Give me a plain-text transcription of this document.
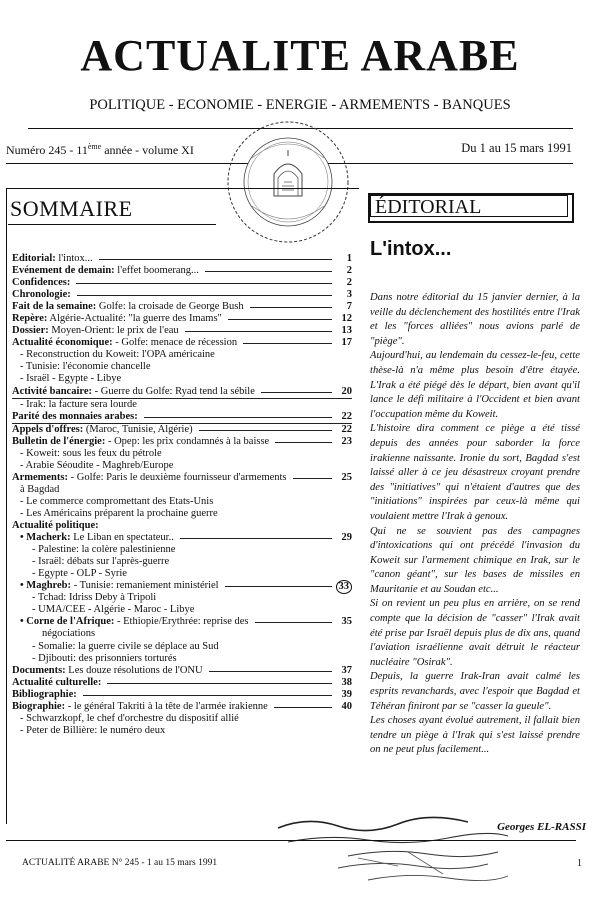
ACTUALITE ARABE
POLITIQUE - ECONOMIE - ENERGIE - ARMEMENTS - BANQUES
Numéro 245 - 11ème année - volume XI	Du 1 au 15 mars 1991
SOMMAIRE
Editorial: l'intox...	1
Evénement de demain: l'effet boomerang...	2
Confidences:	2
Chronologie:	3
Fait de la semaine: Golfe: la croisade de George Bush	7
Repère: Algérie-Actualité: "la guerre des Imams"	12
Dossier: Moyen-Orient: le prix de l'eau	13
Actualité économique: - Golfe: menace de récession	17
- Reconstruction du Koweit: l'OPA américaine
- Tunisie: l'économie chancelle
- Israël - Egypte - Libye
Activité bancaire: - Guerre du Golfe: Ryad tend la sébile	20
- Irak: la facture sera lourde
Parité des monnaies arabes:	22
Appels d'offres: (Maroc, Tunisie, Algérie)	22
Bulletin de l'énergie: - Opep: les prix condamnés à la baisse	23
- Koweit: sous les feux du pétrole
- Arabie Séoudite - Maghreb/Europe
Armements: - Golfe: Paris le deuxième fournisseur d'armements	25
à Bagdad
- Le commerce compromettant des Etats-Unis
- Les Américains préparent la prochaine guerre
Actualité politique:
• Macherk: Le Liban en spectateur..	29
- Palestine: la colère palestinienne
- Israël: débats sur l'après-guerre
- Egypte - OLP - Syrie
• Maghreb: - Tunisie: remaniement ministériel	33
- Tchad: Idriss Deby à Tripoli
- UMA/CEE - Algérie - Maroc - Libye
• Corne de l'Afrique: - Ethiopie/Erythrée: reprise des	35
négociations
- Somalie: la guerre civile se déplace au Sud
- Djibouti: des prisonniers torturés
Documents: Les douze résolutions de l'ONU	37
Actualité culturelle:	38
Bibliographie:	39
Biographie: - le général Takriti à la tête de l'armée irakienne	40
- Schwarzkopf, le chef d'orchestre du dispositif allié
- Peter de Billière: le numéro deux
ÉDITORIAL
L'intox...

Dans notre éditorial du 15 janvier dernier, à la veille du déclenchement des hostilités entre l'Irak et les "forces alliées" nous avions parlé de "piège".

Aujourd'hui, au lendemain du cessez-le-feu, cette thèse-là n'a même plus besoin d'être étayée. L'Irak a été piégé dès le départ, bien avant qu'il lance le défi militaire à l'Occident et bien avant l'occupation même du Koweit.

L'histoire dira comment ce piège a été tissé depuis des années pour saborder la force irakienne naissante. Ironie du sort, Bagdad s'est laissé aller à ce jeu désastreux croyant prendre des "initiatives" qui n'étaient d'autres que des "initiations" inspirées par ceux-là même qui voulaient mettre l'Irak à genoux.

Qui ne se souvient pas des campagnes d'intoxications qui ont précédé l'invasion du Koweit sur l'armement chimique en Irak, sur le "canon géant", sur les bases de missiles en Mauritanie et au Soudan etc...

Si on revient un peu plus en arrière, on se rend compte que la décision de "casser" l'Irak avait été prise par Israël depuis plus de dix ans, quand l'aviation israélienne avait détruit le réacteur nucléaire "Osirak".

Depuis, la guerre Irak-Iran avait calmé les esprits revanchards, avec l'espoir que Bagdad et Téhéran finiront par se "casser la gueule".

Les choses ayant évolué autrement, il fallait bien tendre un piège à l'Irak qui s'est laissé prendre on ne peut plus facilement...

Georges EL-RASSI
ACTUALITÉ ARABE N° 245 - 1 au 15 mars 1991	1
